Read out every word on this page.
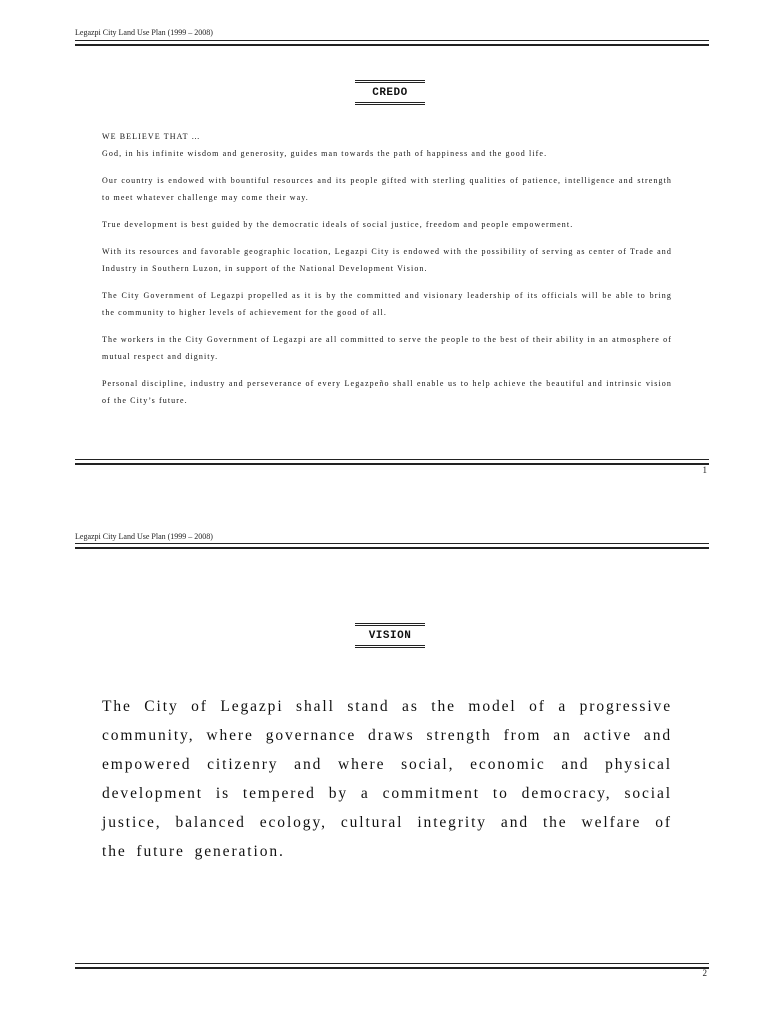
Legazpi City Land Use Plan (1999 – 2008)
CREDO

WE BELIEVE THAT …

God, in his infinite wisdom and generosity, guides man towards the path of happiness and the good life.

Our country is endowed with bountiful resources and its people gifted with sterling qualities of patience, intelligence and strength to meet whatever challenge may come their way.

True development is best guided by the democratic ideals of social justice, freedom and people empowerment.

With its resources and favorable geographic location, Legazpi City is endowed with the possibility of serving as center of Trade and Industry in Southern Luzon, in support of the National Development Vision.

The City Government of Legazpi propelled as it is by the committed and visionary leadership of its officials will be able to bring the community to higher levels of achievement for the good of all.

The workers in the City Government of Legazpi are all committed to serve the people to the best of their ability in an atmosphere of mutual respect and dignity.

Personal discipline, industry and perseverance of every Legazpeño shall enable us to help achieve the beautiful and intrinsic vision of the City’s future.

1
Legazpi City Land Use Plan (1999 – 2008)
VISION

The City of Legazpi shall stand as the model of a progressive community, where governance draws strength from an active and empowered citizenry and where social, economic and physical development is tempered by a commitment to democracy, social justice, balanced ecology, cultural integrity and the welfare of the future generation.

2
